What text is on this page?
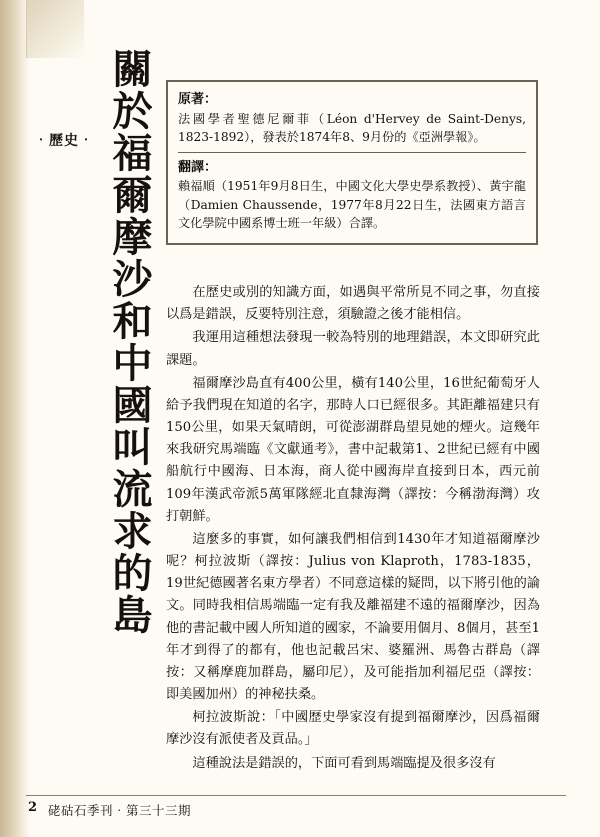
‧歷史‧ 關於福爾摩沙和中國叫流求的島 原著：
法國學者聖德尼爾菲（Léon d'Hervey de Saint-Denys, 1823-1892），發表於1874年8、9月份的《亞洲學報》。
翻譯：
賴福順（1951年9月8日生，中國文化大學史學系教授）、黃宇龍（Damien Chaussende，1977年8月22日生，法國東方語言文化學院中國系博士班一年級）合譯。

在歷史或別的知識方面，如遇與平常所見不同之事，勿直接以爲是錯誤，反要特別注意，須驗證之後才能相信。

我運用這種想法發現一較為特別的地理錯誤，本文即研究此課題。

福爾摩沙島直有400公里，橫有140公里，16世紀葡萄牙人給予我們現在知道的名字，那時人口已經很多。其距離福建只有150公里，如果天氣晴朗，可從澎湖群島望見她的煙火。這幾年來我研究馬端臨《文獻通考》，書中記載第1、2世紀已經有中國船航行中國海、日本海，商人從中國海岸直接到日本，西元前109年漢武帝派5萬軍隊經北直隸海灣（譯按：今稱渤海灣）攻打朝鮮。

這麼多的事實，如何讓我們相信到1430年才知道福爾摩沙呢？柯拉波斯（譯按：Julius von Klaproth，1783-1835，19世紀德國著名東方學者）不同意這樣的疑問，以下將引他的論文。同時我相信馬端臨一定有我及離福建不遠的福爾摩沙，因為他的書記載中國人所知道的國家，不論要用個月、8個月，甚至1年才到得了的都有，他也記載呂宋、婆羅洲、馬魯古群島（譯按：又稱摩鹿加群島，屬印尼），及可能指加利福尼亞（譯按：即美國加州）的神秘扶桑。

柯拉波斯說：「中國歷史學家沒有提到福爾摩沙，因爲福爾摩沙沒有派使者及貢品。」

這種說法是錯誤的，下面可看到馬端臨提及很多沒有

2 硓𥑮石季刊‧第三十三期
